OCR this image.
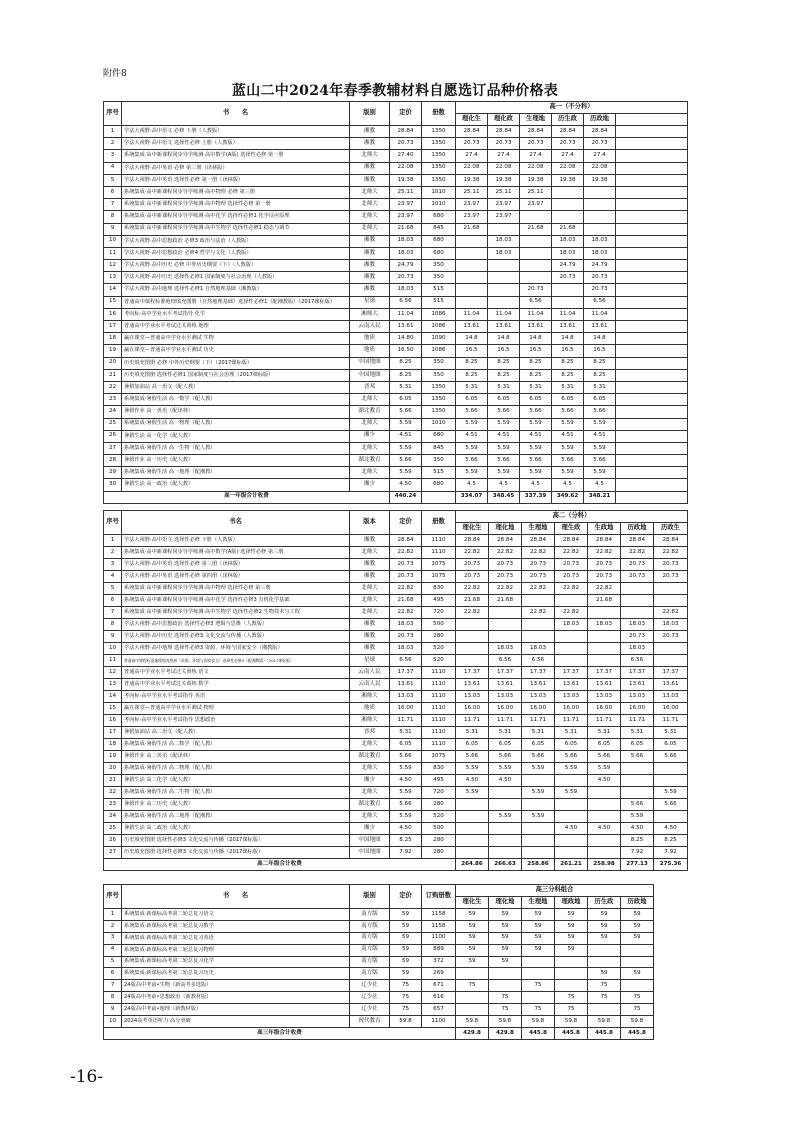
附件8
蓝山二中2024年春季教辅材料自愿选订品种价格表
序号	书　　名	版别	定价	册数	高一（不分科）					
					理化生	理化政	生理地	历生政	历政地	
1	学法大视野·高中语文 必修 下册（人教版）	湘教	28.84	1350	28.84	28.84	28.84	28.84	28.84	
2	学法大视野·高中语文 选择性必修 上册（人教版）	湘教	20.73	1350	20.73	20.73	20.73	20.73	20.73	
3	系统集成·高中新课程同步导学练测·高中数学(A版) 选择性必修 第一册	北师大	27.40	1350	27.4	27.4	27.4	27.4	27.4	
4	学法大视野·高中英语 必修 第三册（译林版）	湘教	22.08	1350	22.08	22.08	22.08	22.08	22.08	
5	学法大视野·高中英语 选择性必修 第一册（译林版）	湘教	19.38	1350	19.38	19.38	19.38	19.38	19.38	
6	系统集成·高中新课程同步导学练测·高中物理 必修 第三册	北师大	25.11	1010	25.11	25.11	25.11			
7	系统集成·高中新课程同步导学练测·高中物理 选择性必修 第一册	北师大	23.97	1010	23.97	23.97	23.97			
8	系统集成·高中新课程同步导学练测·高中化学 选择性必修1 化学反应原理	北师大	23.97	680	23.97	23.97				
9	系统集成·高中新课程同步导学练测·高中生物学 选择性必修1 稳态与调节	北师大	21.68	845	21.68		21.68	21.68		
10	学法大视野·高中思想政治 必修3 政治与法治（人教版）	湘教	18.03	680		18.03		18.03	18.03	
11	学法大视野·高中思想政治 必修4 哲学与文化（人教版）	湘教	18.03	680		18.03		18.03	18.03	
12	学法大视野·高中历史 必修 中外历史纲要（下）（人教版）	湘教	24.79	350				24.79	24.79	
13	学法大视野·高中历史 选择性必修1 国家制度与社会治理（人教版）	湘教	20.73	350				20.73	20.73	
14	学法大视野·高中地理 选择性必修1 自然地理基础（湘教版）	湘教	18.03	515			20.73		20.73	
15	普通高中课程标准地理填充图册（自然地理基础）选择性必修1（配湘教版）（2017课标版）	星球	6.56	515			6.56		6.56	
16	考向标·高中学业水平考试指导 化学	湘师大	11.04	1086	11.04	11.04	11.04	11.04	11.04	
17	普通高中学业水平考试过关训练 地理	云南人民	13.61	1086	13.61	13.61	13.61	13.61	13.61	
18	赢在课堂—普通高中学业水平测试 生物	地质	14.80	1090	14.8	14.8	14.8	14.8	14.8	
19	赢在课堂—普通高中学业水平测试 历史	地质	16.50	1086	16.5	16.5	16.5	16.5	16.5	
20	历史填充图册 必修 中外历史纲要（下）（2017课标版）	中国地图	8.25	350	8.25	8.25	8.25	8.25	8.25	
21	历史填充图册 选择性必修1 国家制度与社会治理（2017课标版）	中国地图	8.25	350	8.25	8.25	8.25	8.25	8.25	
22	暑假加油站 高一语文（配人教）	晋邦	5.31	1350	5.31	5.31	5.31	5.31	5.31	
23	系统集成·暑假生活 高一数学（配人教）	北师大	6.05	1350	6.05	6.05	6.05	6.05	6.05	
24	暑假作业 高一英语（配译林）	湖北教育	5.66	1350	5.66	5.66	5.66	5.66	5.66	
25	系统集成·暑假生活 高一物理（配人教）	北师大	5.59	1010	5.59	5.59	5.59	5.59	5.59	
26	暑假生活 高一化学（配人教）	湘少	4.51	680	4.51	4.51	4.51	4.51	4.51	
27	系统集成·暑假生活 高一生物（配人教）	北师大	5.59	845	5.59	5.59	5.59	5.59	5.59	
28	暑假作业 高一历史（配人教）	湖北教育	5.66	350	5.66	5.66	5.66	5.66	5.66	
29	系统集成·暑假生活 高一地理（配湘教）	北师大	5.59	515	5.59	5.59	5.59	5.59	5.59	
30	暑假生活 高一政治（配人教）	湘少	4.50	680	4.5	4.5	4.5	4.5	4.5	
高一年级合计收费			440.24		334.07	348.45	337.39	349.62	348.21	
序号	书名	版本	定价	册数	高二（分科）						
					理化生	理化地	生理地	理生政	生政地	历政地	历政生
1	学法大视野·高中语文 选择性必修 下册（人教版）	湘教	28.84	1110	28.84	28.84	28.84	28.84	28.84	28.84	28.84
2	系统集成·高中新课程同步导学练测·高中数学(A版) 选择性必修 第三册	北师大	22.82	1110	22.82	22.82	22.82	22.82	22.82	22.82	22.82
3	学法大视野·高中英语 选择性必修 第三册（译林版）	湘教	20.73	1075	20.73	20.73	20.73	20.73	20.73	20.73	20.73
4	学法大视野·高中英语 选择性必修 第四册（译林版）	湘教	20.73	1075	20.73	20.73	20.73	20.73	20.73	20.73	20.73
5	系统集成·高中新课程同步导学练测·高中物理 选择性必修 第三册	北师大	22.82	830	22.82	22.82	22.82	22.82	22.82		
6	系统集成·高中新课程同步导学练测·高中化学 选择性必修3 有机化学基础	北师大	21.68	495	21.68	21.68			21.68		
7	系统集成·高中新课程同步导学练测·高中生物学 选择性必修2 生物技术与工程	北师大	22.82	720	22.82		22.82	22.82			22.82
8	学法大视野·高中思想政治 选择性必修3 逻辑与思维（人教版）	湘教	18.03	500				18.03	18.03	18.03	18.03
9	学法大视野·高中历史 选择性必修3 文化交流与传播（人教版）	湘教	20.73	280						20.73	20.73
10	学法大视野·高中地理 选择性必修3 资源、环境与国家安全（湘教版）	湘教	18.03	520		18.03	18.03			18.03	
11	普通高中课程标准地理填充图册（资源、环境与国家安全）选择性必修3（配湘教版）（2017课标版）	星球	6.56	520		6.56	6.56			6.56	
12	普通高中学业水平考试过关训练 语文	云南人民	17.37	1110	17.37	17.37	17.37	17.37	17.37	17.37	17.37
13	普通高中学业水平考试过关训练 数学	云南人民	13.61	1110	13.61	13.61	13.61	13.61	13.61	13.61	13.61
14	考向标·高中学业水平考试指导 英语	湘师大	13.03	1110	13.03	13.03	13.03	13.03	13.03	13.03	13.03
15	赢在课堂—普通高中学业水平测试 物理	地质	16.00	1110	16.00	16.00	16.00	16.00	16.00	16.00	16.00
16	考向标·高中学业水平考试指导 思想政治	湘师大	11.71	1110	11.71	11.71	11.71	11.71	11.71	11.71	11.71
17	暑假加油站 高二语文（配人教）	晋邦	5.31	1110	5.31	5.31	5.31	5.31	5.31	5.31	5.31
18	系统集成·暑假生活 高二数学（配人教）	北师大	6.05	1110	6.05	6.05	6.05	6.05	6.05	6.05	6.05
19	暑假作业 高二英语（配译林）	湖北教育	5.66	1075	5.66	5.66	5.66	5.66	5.66	5.66	5.66
20	系统集成·暑假生活 高二物理（配人教）	北师大	5.59	830	5.59	5.59	5.59	5.59	5.59		
21	暑假生活 高二化学（配人教）	湘少	4.50	495	4.50	4.50			4.50		
22	系统集成·暑假生活 高二生物（配人教）	北师大	5.59	720	5.59		5.59	5.59			5.59
23	暑假作业 高二历史（配人教）	湖北教育	5.66	280						5.66	5.66
24	系统集成·暑假生活 高二地理（配湘教）	北师大	5.59	520		5.59	5.59			5.59	
25	暑假生活 高二政治（配人教）	湘少	4.50	500				4.50	4.50	4.50	4.50
26	历史填充图册 选择性必修3 文化交流与传播（2017课标版）	中国地图	8.25	280						8.25	8.25
27	历史填充图册 选择性必修3 文化交流与传播（2017课标版）	中国地图	7.92	280						7.92	7.92
高二年级合计收费					264.86	266.63	258.86	261.21	258.98	277.13	275.36
序号	书　　名	版别	定价	订购册数	高三分科组合					
					理化生	理化地	生理地	理政地	历生政	历政地
1	系统集成·新课标高考第二轮总复习语文	南方版	59	1158	59	59	59	59	59	59
2	系统集成·新课标高考第二轮总复习数学	南方版	59	1158	59	59	59	59	59	59
3	系统集成·新课标高考第二轮总复习英语	南方版	59	1100	59	59	59	59	59	59
4	系统集成·新课标高考第二轮总复习物理	南方版	59	889	59	59	59	59		
5	系统集成·新课标高考第二轮总复习化学	南方版	59	372	59	59				
6	系统集成·新课标高考第二轮总复习历史	南方版	59	269					59	59
7	24版高中考前•生物（新高考多选版）	辽少社	75	671	75		75		75	
8	24版高中考前•思想政治（新教材版）	辽少社	75	616		75		75	75	75
9	24版高中考前•地理（新教材版）	辽少社	75	657		75	75	75		75
10	2024高考英语听力 高分突破	现代教育	59.8	1100	59.8	59.8	59.8	59.8	59.8	59.8
高三年级合计收费					429.8	429.8	445.8	445.8	445.8	445.8
-16-
